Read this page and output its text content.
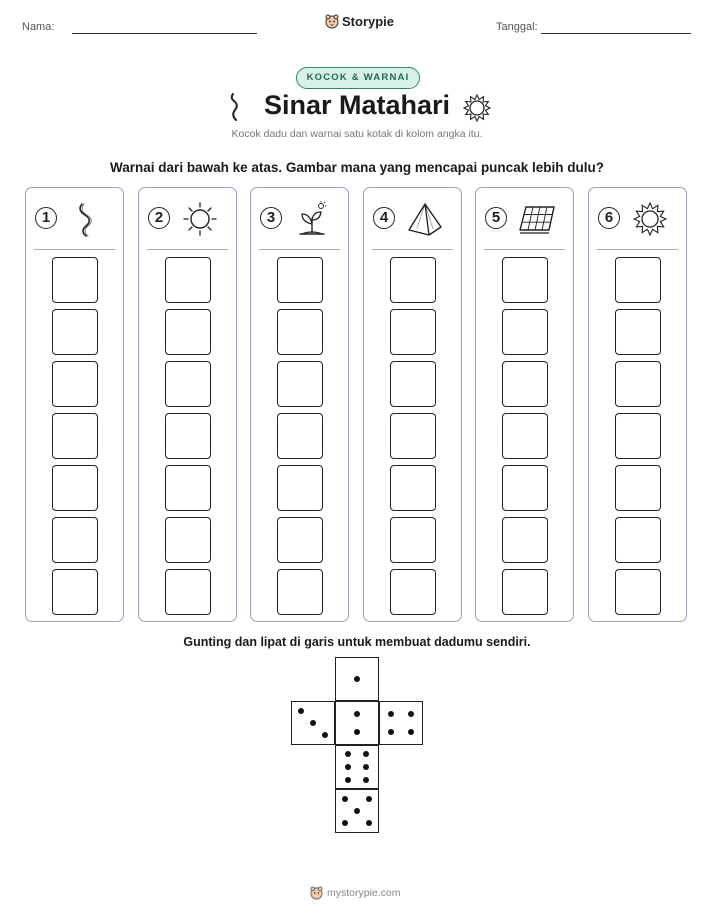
Nama:	Storypie	Tanggal:
KOCOK & WARNAI
Sinar Matahari
Kocok dadu dan warnai satu kotak di kolom angka itu.
Warnai dari bawah ke atas. Gambar mana yang mencapai puncak lebih dulu?
1	2	3	4	5	6
Gunting dan lipat di garis untuk membuat dadumu sendiri.
mystorypie.com
